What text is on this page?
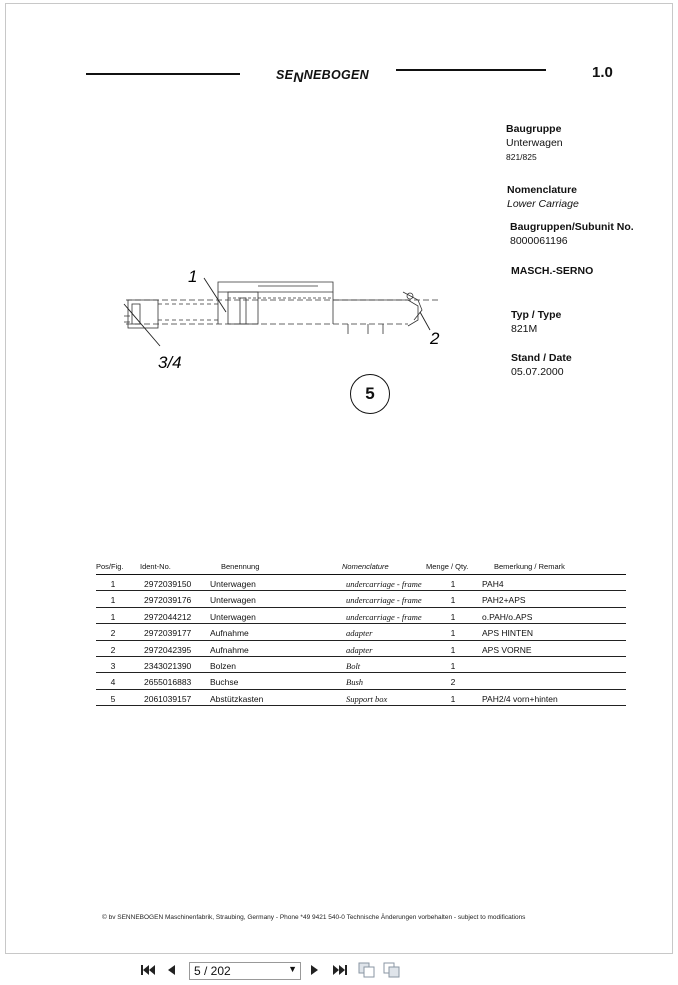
SENNEBOGEN	1.0
Baugruppe
Unterwagen
821/825
Nomenclature
Lower Carriage
Baugruppen/Subunit No.
8000061196
MASCH.-SERNO
Typ / Type
821M
Stand / Date
05.07.2000
1
2
3/4
5
Pos/Fig. Ident-No.	Benennung	Nomenclature	Menge / Qty.	Bemerkung / Remark
1	2972039150 Unterwagen	undercarriage - frame	1	PAH4
1	2972039176 Unterwagen	undercarriage - frame	1	PAH2+APS
1	2972044212 Unterwagen	undercarriage - frame	1	o.PAH/o.APS
2	2972039177 Aufnahme	adapter	1	APS HINTEN
2	2972042395 Aufnahme	adapter	1	APS VORNE
3	2343021390 Bolzen	Bolt	1
4	2655016883 Buchse	Bush	2
5	2061039157 Abstützkasten	Support box	1	PAH2/4 vorn+hinten
© bv SENNEBOGEN Maschinenfabrik, Straubing, Germany - Phone *49 9421 540-0 Technische Änderungen vorbehalten - subject to modifications
5 / 202	▼
